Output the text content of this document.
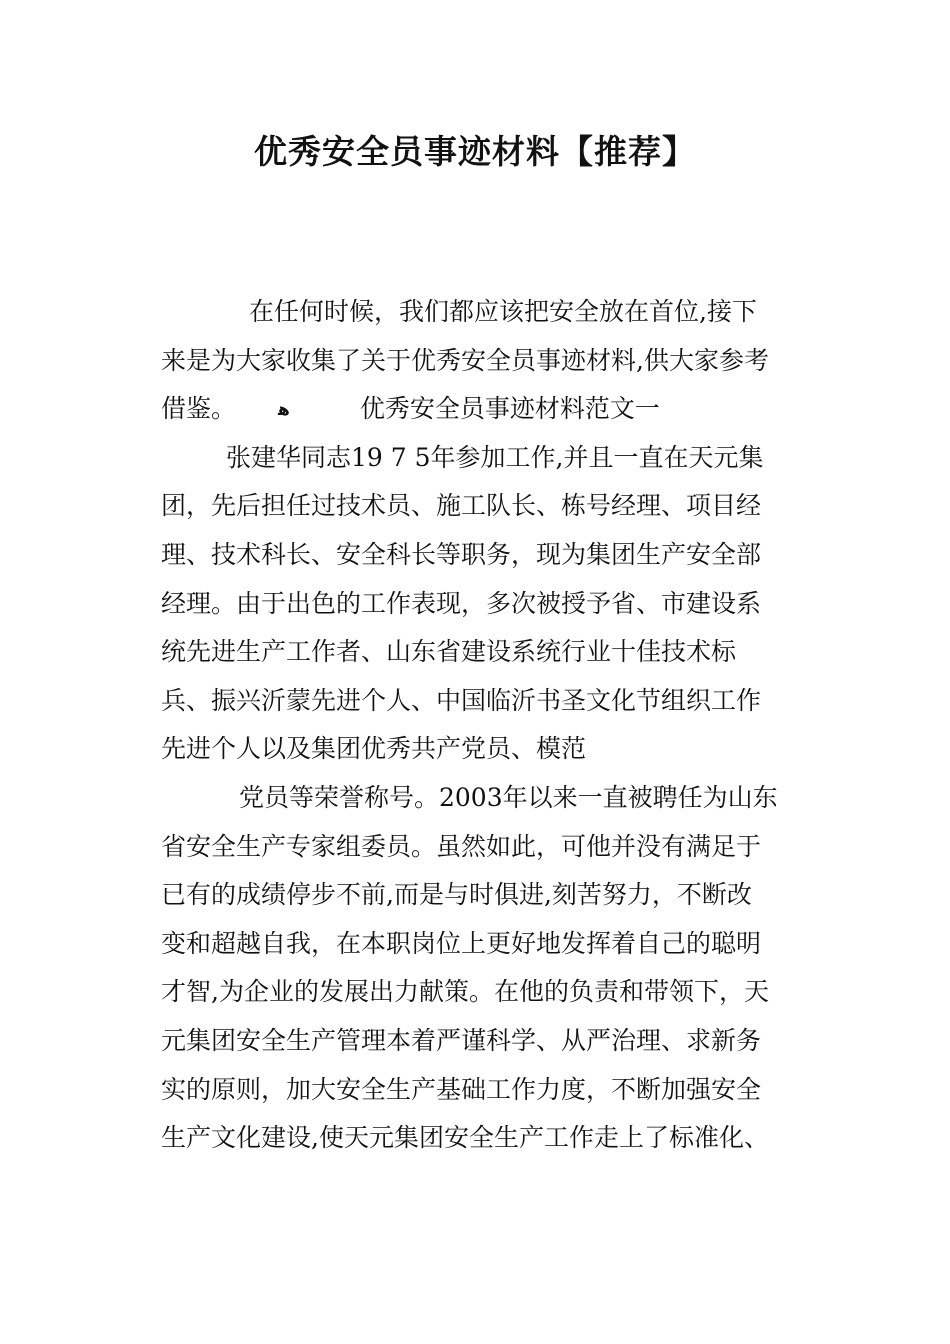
优秀安全员事迹材料【推荐】
在任何时候，我们都应该把安全放在首位,接下
来是为大家收集了关于优秀安全员事迹材料,供大家参考
借鉴。 ﻫ	优秀安全员事迹材料范文一
张建华同志19 7 5年参加工作,并且一直在天元集
团，先后担任过技术员、施工队长、栋号经理、项目经
理、技术科长、安全科长等职务，现为集团生产安全部
经理。由于出色的工作表现，多次被授予省、市建设系
统先进生产工作者、山东省建设系统行业十佳技术标
兵、振兴沂蒙先进个人、中国临沂书圣文化节组织工作
先进个人以及集团优秀共产党员、模范
党员等荣誉称号。2003年以来一直被聘任为山东
省安全生产专家组委员。虽然如此，可他并没有满足于
已有的成绩停步不前,而是与时俱进,刻苦努力，不断改
变和超越自我，在本职岗位上更好地发挥着自己的聪明
才智,为企业的发展出力献策。在他的负责和带领下，天
元集团安全生产管理本着严谨科学、从严治理、求新务
实的原则，加大安全生产基础工作力度，不断加强安全
生产文化建设,使天元集团安全生产工作走上了标准化、
